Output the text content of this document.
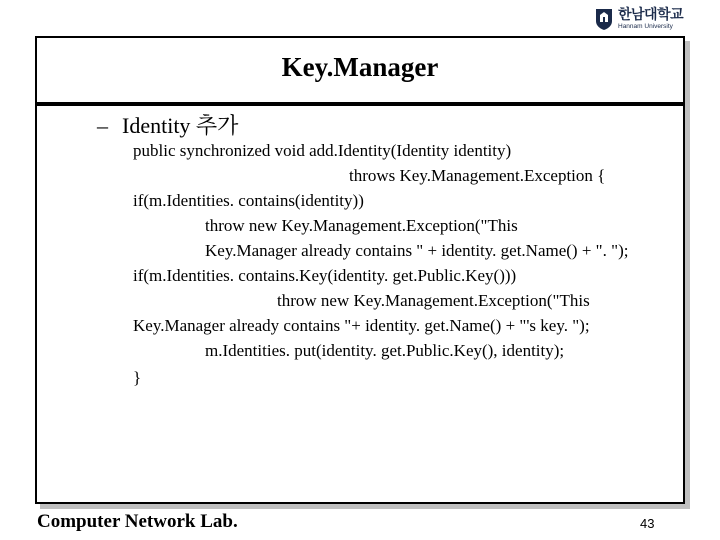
한남대학교
Hannam University
Key.Manager
– Identity 추가
public synchronized void add.Identity(Identity identity)
throws Key.Management.Exception {
if(m.Identities. contains(identity))
throw new Key.Management.Exception("This
Key.Manager already contains " + identity. get.Name() + ". ");
if(m.Identities. contains.Key(identity. get.Public.Key()))
throw new Key.Management.Exception("This
Key.Manager already contains "+ identity. get.Name() + "'s key. ");
m.Identities. put(identity. get.Public.Key(), identity);
}
Computer Network Lab.	43
